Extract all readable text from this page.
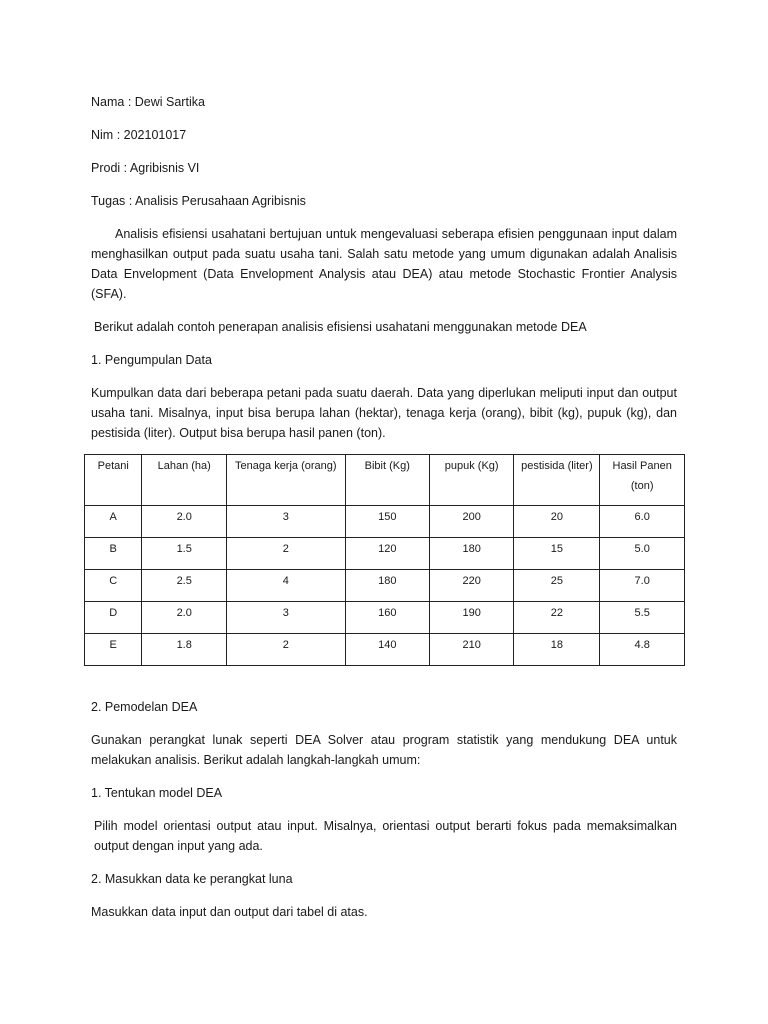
Nama : Dewi Sartika

Nim : 202101017

Prodi : Agribisnis VI

Tugas : Analisis Perusahaan Agribisnis

Analisis efisiensi usahatani bertujuan untuk mengevaluasi seberapa efisien penggunaan input dalam menghasilkan output pada suatu usaha tani. Salah satu metode yang umum digunakan adalah Analisis Data Envelopment (Data Envelopment Analysis atau DEA) atau metode Stochastic Frontier Analysis (SFA).

Berikut adalah contoh penerapan analisis efisiensi usahatani menggunakan metode DEA

1. Pengumpulan Data

Kumpulkan data dari beberapa petani pada suatu daerah. Data yang diperlukan meliputi input dan output usaha tani. Misalnya, input bisa berupa lahan (hektar), tenaga kerja (orang), bibit (kg), pupuk (kg), dan pestisida (liter). Output bisa berupa hasil panen (ton).

Petani	Lahan (ha)	Tenaga kerja (orang)	Bibit (Kg)	pupuk (Kg)	pestisida (liter)	Hasil Panen (ton)
A	2.0	3	150	200	20	6.0
B	1.5	2	120	180	15	5.0
C	2.5	4	180	220	25	7.0
D	2.0	3	160	190	22	5.5
E	1.8	2	140	210	18	4.8

2. Pemodelan DEA

Gunakan perangkat lunak seperti DEA Solver atau program statistik yang mendukung DEA untuk melakukan analisis. Berikut adalah langkah-langkah umum:

1. Tentukan model DEA

Pilih model orientasi output atau input. Misalnya, orientasi output berarti fokus pada memaksimalkan output dengan input yang ada.

2. Masukkan data ke perangkat luna

Masukkan data input dan output dari tabel di atas.
